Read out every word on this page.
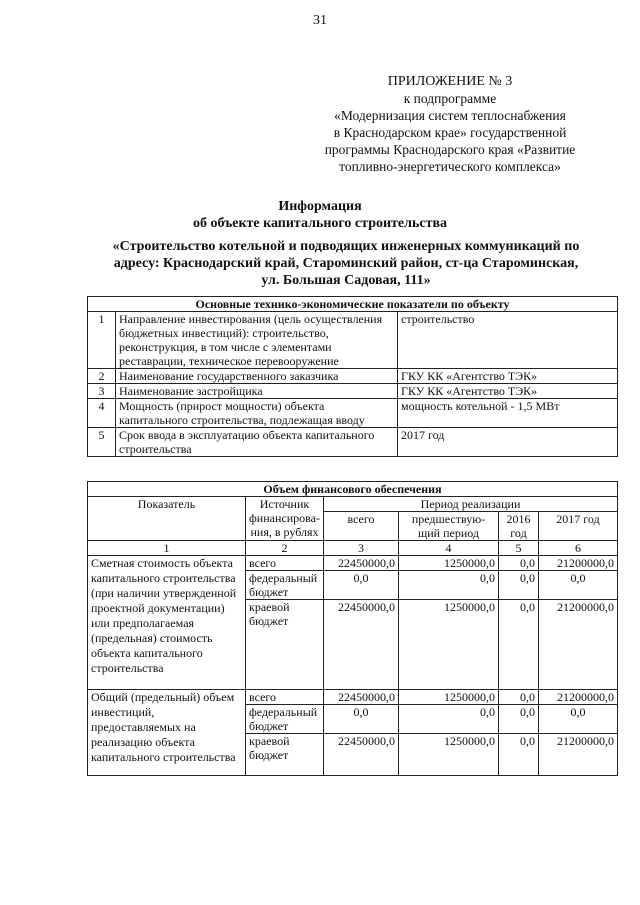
31
ПРИЛОЖЕНИЕ № 3
к подпрограмме
«Модернизация систем теплоснабжения
в Краснодарском крае» государственной
программы Краснодарского края «Развитие
топливно-энергетического комплекса»
Информация
об объекте капитального строительства
«Строительство котельной и подводящих инженерных коммуникаций по
адресу: Краснодарский край, Староминский район, ст-ца Староминская,
ул. Большая Садовая, 111»
Основные технико-экономические показатели по объекту		
1	Направление инвестирования (цель осуществления бюджетных инвестиций): строительство, реконструкция, в том числе с элементами реставрации, техническое перевооружение	строительство
2	Наименование государственного заказчика	ГКУ КК «Агентство ТЭК»
3	Наименование застройщика	ГКУ КК «Агентство ТЭК»
4	Мощность (прирост мощности) объекта капитального строительства, подлежащая вводу	мощность котельной - 1,5 МВт
5	Срок ввода в эксплуатацию объекта капитального строительства	2017 год
Объем финансового обеспечения					
Показатель	Источник финансирова-ния, в рублях	Период реализации			
		всего	предшествую-щий период	2016 год	2017 год
1	2	3	4	5	6
Сметная стоимость объекта капитального строительства (при наличии утвержденной проектной документации) или предполагаемая (предельная) стоимость объекта капитального строительства	всего	22450000,0	1250000,0	0,0	21200000,0
	федеральный бюджет	0,0	0,0	0,0	0,0
	краевой бюджет	22450000,0	1250000,0	0,0	21200000,0
Общий (предельный) объем инвестиций, предоставляемых на реализацию объекта капитального строительства	всего	22450000,0	1250000,0	0,0	21200000,0
	федеральный бюджет	0,0	0,0	0,0	0,0
	краевой бюджет	22450000,0	1250000,0	0,0	21200000,0
